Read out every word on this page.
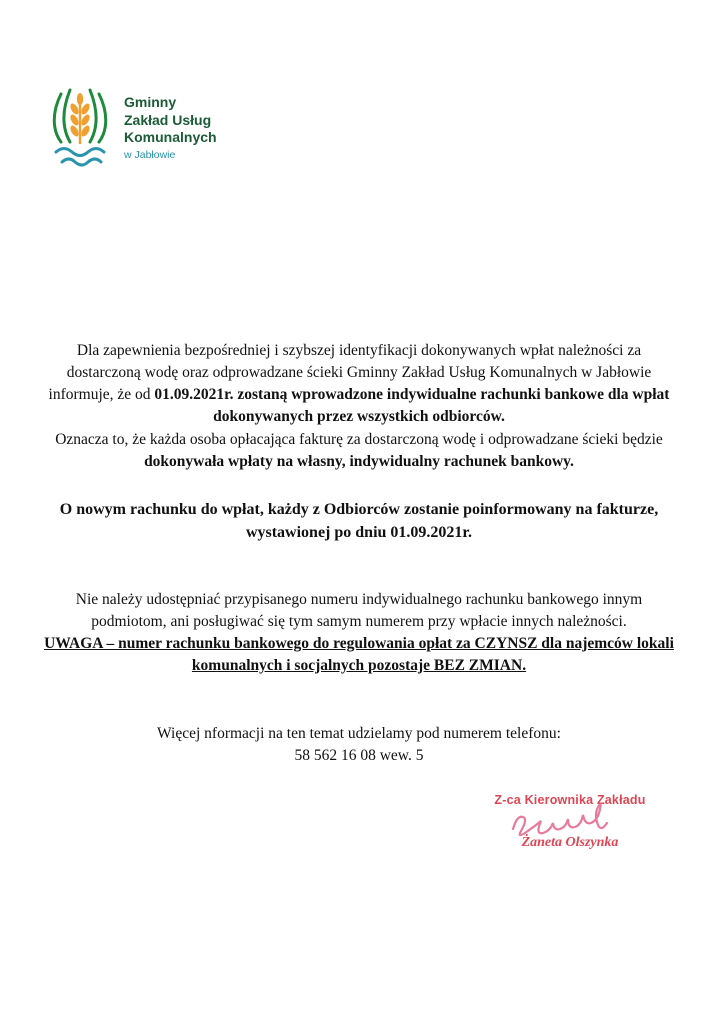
Gminny
Zakład Usług
Komunalnych
w Jabłowie

Dla zapewnienia bezpośredniej i szybszej identyfikacji dokonywanych wpłat należności za dostarczoną wodę oraz odprowadzane ścieki Gminny Zakład Usług Komunalnych w Jabłowie informuje, że od 01.09.2021r. zostaną wprowadzone indywidualne rachunki bankowe dla wpłat dokonywanych przez wszystkich odbiorców.
Oznacza to, że każda osoba opłacająca fakturę za dostarczoną wodę i odprowadzane ścieki będzie dokonywała wpłaty na własny, indywidualny rachunek bankowy.

O nowym rachunku do wpłat, każdy z Odbiorców zostanie poinformowany na fakturze, wystawionej po dniu 01.09.2021r.

Nie należy udostępniać przypisanego numeru indywidualnego rachunku bankowego innym podmiotom, ani posługiwać się tym samym numerem przy wpłacie innych należności.
UWAGA – numer rachunku bankowego do regulowania opłat za CZYNSZ dla najemców lokali komunalnych i socjalnych pozostaje BEZ ZMIAN.

Więcej nformacji na ten temat udzielamy pod numerem telefonu:
58 562 16 08 wew. 5

Z-ca Kierownika Zakładu
Żaneta Olszynka
